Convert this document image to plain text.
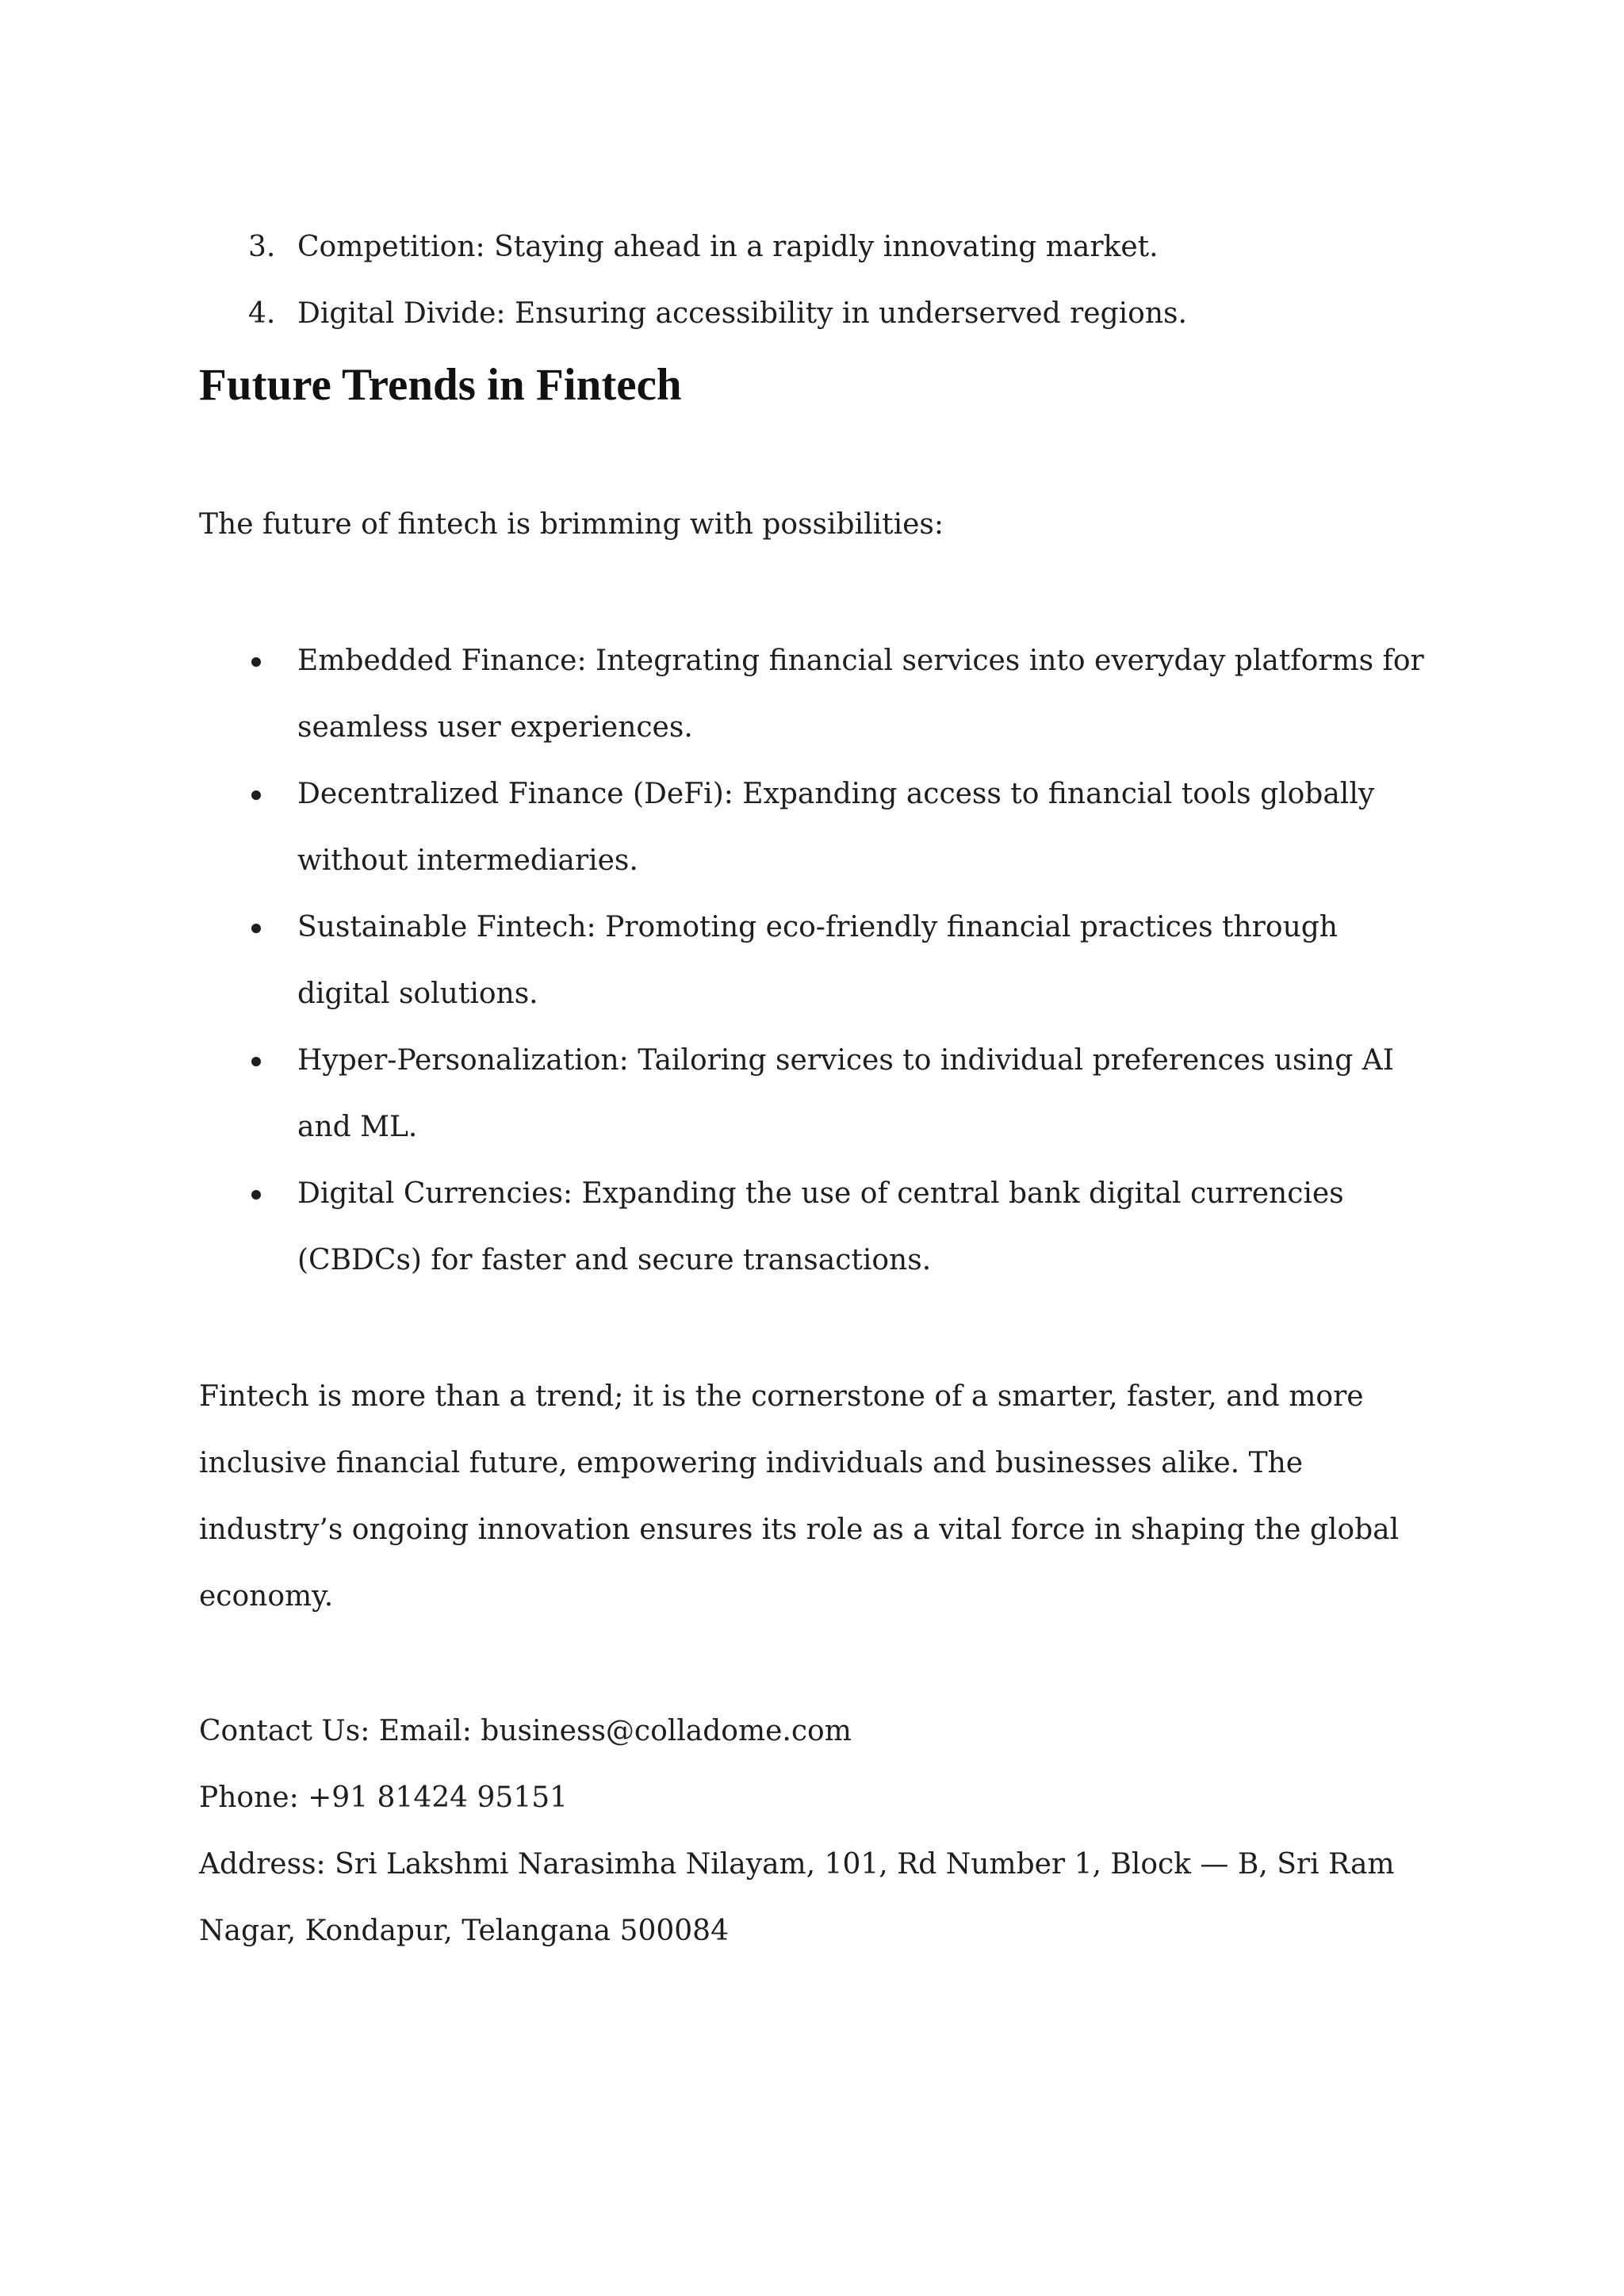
3. Competition: Staying ahead in a rapidly innovating market.
4. Digital Divide: Ensuring accessibility in underserved regions.
Future Trends in Fintech

The future of fintech is brimming with possibilities:

Embedded Finance: Integrating financial services into everyday platforms for seamless user experiences.
Decentralized Finance (DeFi): Expanding access to financial tools globally without intermediaries.
Sustainable Fintech: Promoting eco-friendly financial practices through digital solutions.
Hyper-Personalization: Tailoring services to individual preferences using AI and ML.
Digital Currencies: Expanding the use of central bank digital currencies (CBDCs) for faster and secure transactions.

Fintech is more than a trend; it is the cornerstone of a smarter, faster, and more inclusive financial future, empowering individuals and businesses alike. The industry’s ongoing innovation ensures its role as a vital force in shaping the global economy.

Contact Us: Email: business@colladome.com

Phone: +91 81424 95151

Address: Sri Lakshmi Narasimha Nilayam, 101, Rd Number 1, Block — B, Sri Ram Nagar, Kondapur, Telangana 500084
